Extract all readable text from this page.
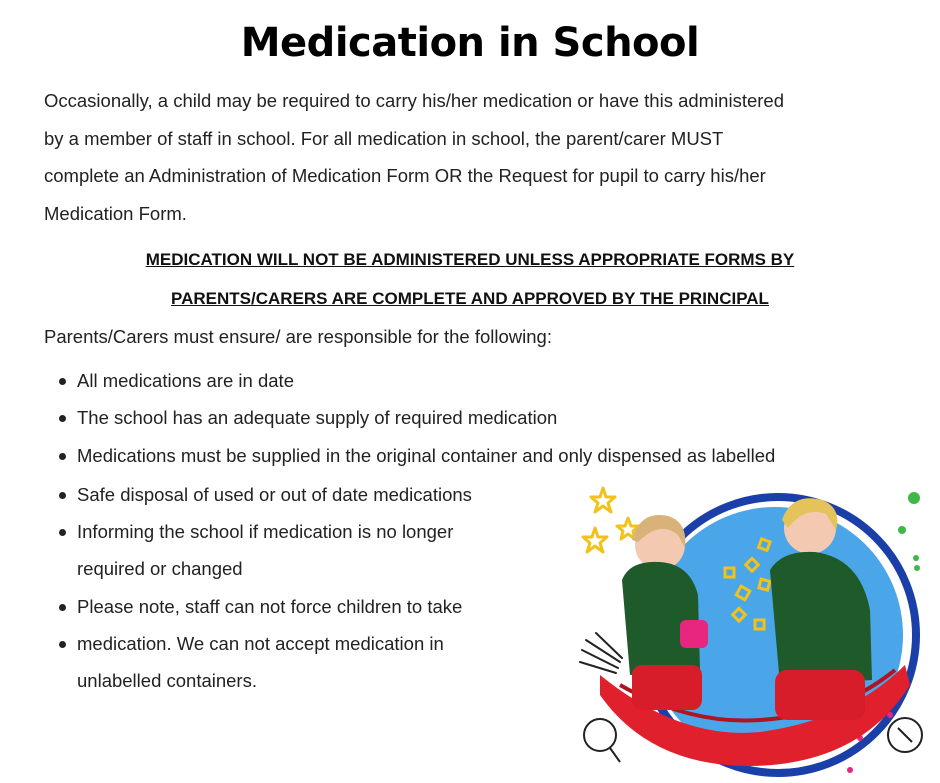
Medication in School
Occasionally, a child may be required to carry his/her medication or have this administered
by a member of staff in school. For all medication in school, the parent/carer MUST
complete an Administration of Medication Form OR the Request for pupil to carry his/her
Medication Form.
MEDICATION WILL NOT BE ADMINISTERED UNLESS APPROPRIATE FORMS BY
PARENTS/CARERS ARE COMPLETE AND APPROVED BY THE PRINCIPAL

Parents/Carers must ensure/ are responsible for the following:

All medications are in date
The school has an adequate supply of required medication
Medications must be supplied in the original container and only dispensed as labelled
Safe disposal of used or out of date medications
Informing the school if medication is no longer required or changed
Please note, staff can not force children to take
medication. We can not accept medication in unlabelled containers.
